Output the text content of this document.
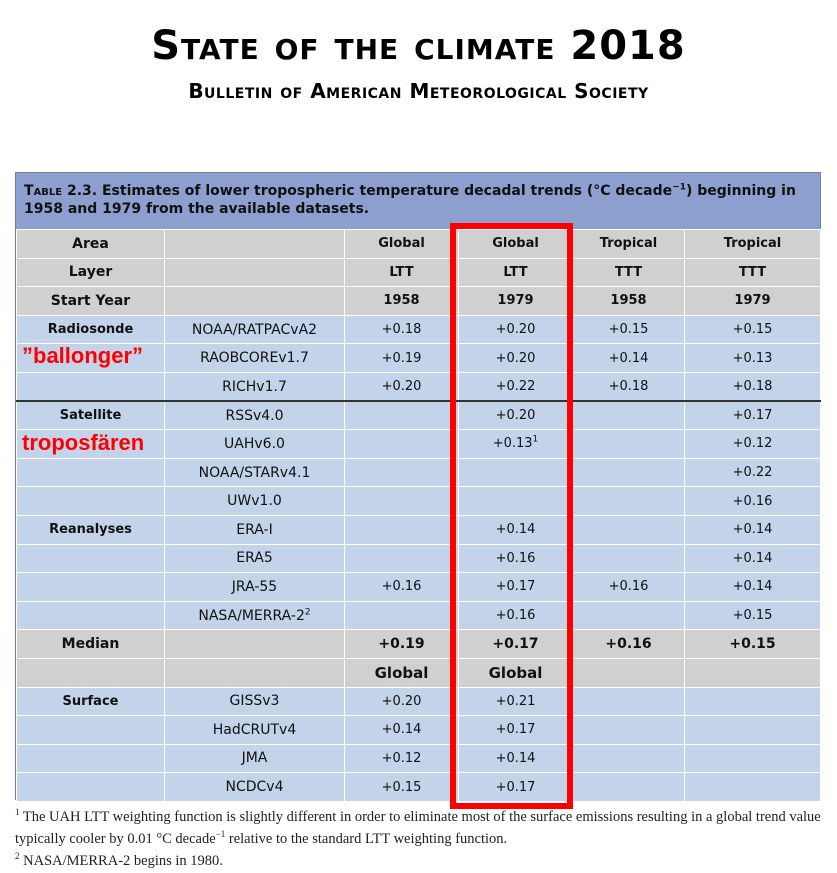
State of the climate 2018
Bulletin of American Meteorological Society
Table 2.3. Estimates of lower tropospheric temperature decadal trends (°C decade$^{-1}$) beginning in 1958 and 1979 from the available datasets.
Area		Global	Global	Tropical	Tropical
Layer		LTT	LTT	TTT	TTT
Start Year		1958	1979	1958	1979
Radiosonde	NOAA/RATPACvA2	+0.18	+0.20	+0.15	+0.15
	RAOBCOREv1.7	+0.19	+0.20	+0.14	+0.13
	RICHv1.7	+0.20	+0.22	+0.18	+0.18
Satellite	RSSv4.0		+0.20		+0.17
	UAHv6.0		$+0.13^1$		+0.12
	NOAA/STARv4.1				+0.22
	UWv1.0				+0.16
Reanalyses	ERA-I		+0.14		+0.14
	ERA5		+0.16		+0.14
	JRA-55	+0.16	+0.17	+0.16	+0.14
	NASA/$MERRA-2^2$		+0.16		+0.15
Median		+0.19	+0.17	+0.16	+0.15
		Global	Global		
Surface	GISSv3	+0.20	+0.21		
	HadCRUTv4	+0.14	+0.17		
	JMA	+0.12	+0.14		
	NCDCv4	+0.15	+0.17		
”ballonger”
troposfären
$^1$ The UAH LTT weighting function is slightly different in order to eliminate most of the surface emissions resulting in a global trend value typically cooler by 0.01 °C decade$^{-1}$ relative to the standard LTT weighting function.
$^2$ NASA/MERRA-2 begins in 1980.
